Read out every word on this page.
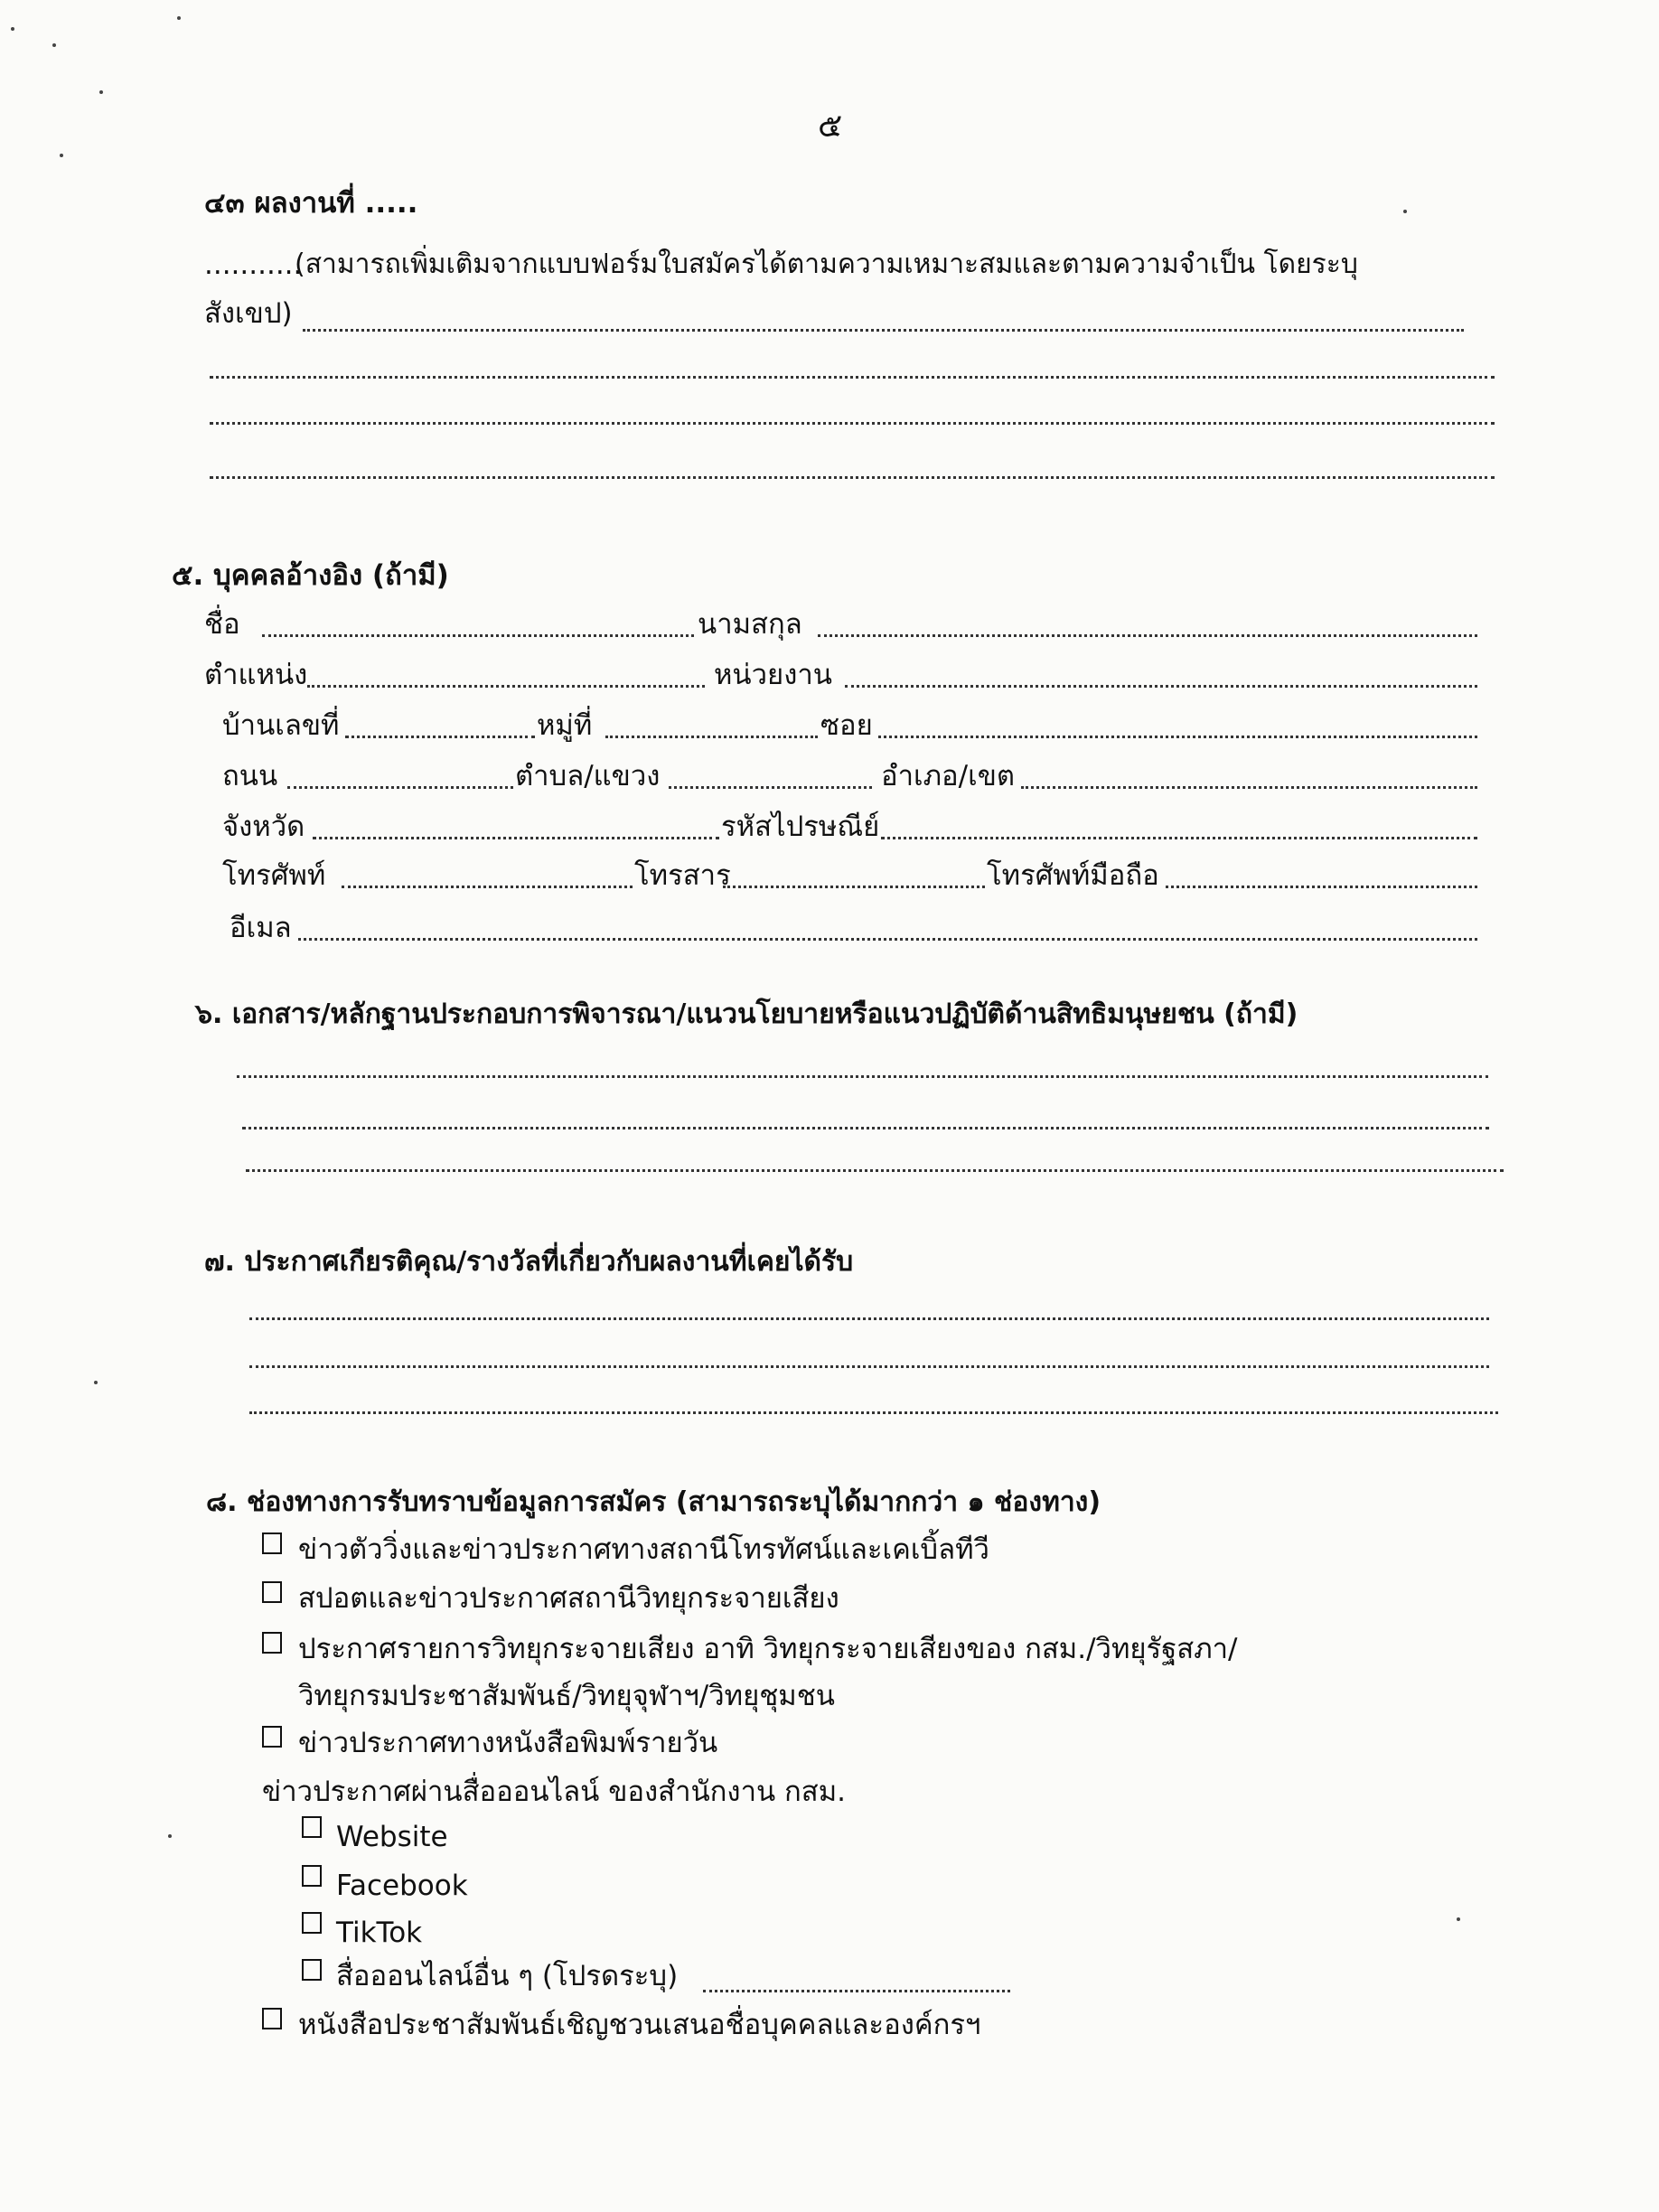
๕
๔๓ ผลงานที่ .....
...........
(สามารถเพิ่มเติมจากแบบฟอร์มใบสมัครได้ตามความเหมาะสมและตามความจำเป็น โดยระบุ
สังเขป)
๕. บุคคลอ้างอิง (ถ้ามี)
ชื่อ	นามสกุล
ตำแหน่ง	หน่วยงาน
บ้านเลขที่	หมู่ที่	ซอย
ถนน	ตำบล/แขวง	อำเภอ/เขต
จังหวัด	รหัสไปรษณีย์
โทรศัพท์	โทรสาร	โทรศัพท์มือถือ
อีเมล
๖. เอกสาร/หลักฐานประกอบการพิจารณา/แนวนโยบายหรือแนวปฏิบัติด้านสิทธิมนุษยชน (ถ้ามี)
๗. ประกาศเกียรติคุณ/รางวัลที่เกี่ยวกับผลงานที่เคยได้รับ
๘. ช่องทางการรับทราบข้อมูลการสมัคร (สามารถระบุได้มากกว่า ๑ ช่องทาง)
ข่าวตัววิ่งและข่าวประกาศทางสถานีโทรทัศน์และเคเบิ้ลทีวี
สปอตและข่าวประกาศสถานีวิทยุกระจายเสียง
ประกาศรายการวิทยุกระจายเสียง อาทิ วิทยุกระจายเสียงของ กสม./วิทยุรัฐสภา/
วิทยุกรมประชาสัมพันธ์/วิทยุจุฬาฯ/วิทยุชุมชน
ข่าวประกาศทางหนังสือพิมพ์รายวัน
ข่าวประกาศผ่านสื่อออนไลน์ ของสำนักงาน กสม.
Website
Facebook
TikTok
สื่อออนไลน์อื่น ๆ (โปรดระบุ)
หนังสือประชาสัมพันธ์เชิญชวนเสนอชื่อบุคคลและองค์กรฯ
